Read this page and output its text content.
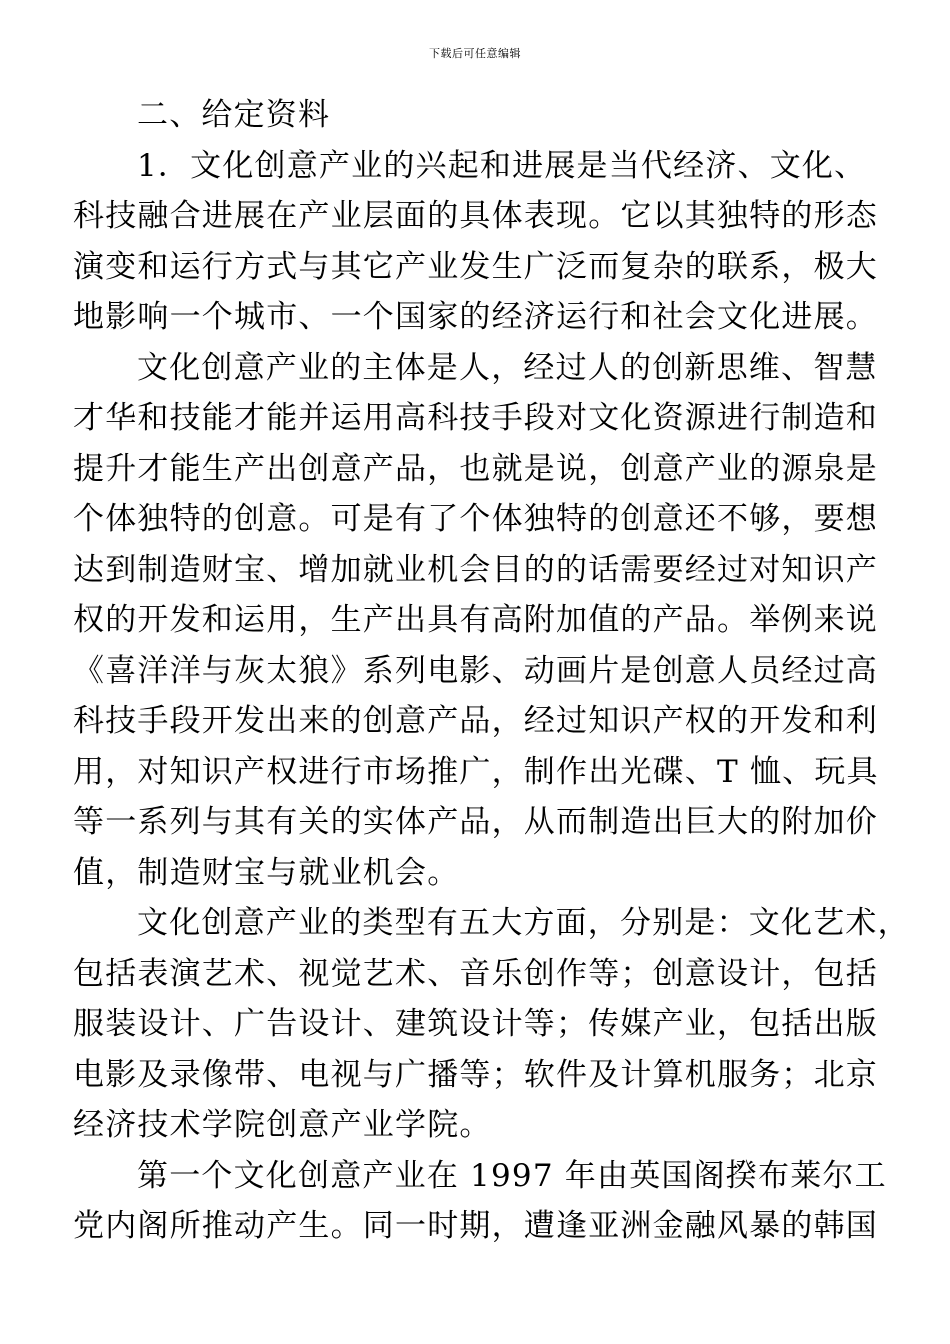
下载后可任意编辑
二、给定资料
1．文化创意产业的兴起和进展是当代经济、文化、
科技融合进展在产业层面的具体表现。它以其独特的形态
演变和运行方式与其它产业发生广泛而复杂的联系，极大
地影响一个城市、一个国家的经济运行和社会文化进展。
文化创意产业的主体是人，经过人的创新思维、智慧
才华和技能才能并运用高科技手段对文化资源进行制造和
提升才能生产出创意产品，也就是说，创意产业的源泉是
个体独特的创意。可是有了个体独特的创意还不够，要想
达到制造财宝、增加就业机会目的的话需要经过对知识产
权的开发和运用，生产出具有高附加值的产品。举例来说
《喜洋洋与灰太狼》系列电影、动画片是创意人员经过高
科技手段开发出来的创意产品，经过知识产权的开发和利
用，对知识产权进行市场推广，制作出光碟、T 恤、玩具
等一系列与其有关的实体产品，从而制造出巨大的附加价
值，制造财宝与就业机会。
文化创意产业的类型有五大方面，分别是：文化艺术，
包括表演艺术、视觉艺术、音乐创作等；创意设计，包括
服装设计、广告设计、建筑设计等；传媒产业，包括出版
电影及录像带、电视与广播等；软件及计算机服务；北京
经济技术学院创意产业学院。
第一个文化创意产业在 1997 年由英国阁揆布莱尔工
党内阁所推动产生。同一时期，遭逢亚洲金融风暴的韩国
